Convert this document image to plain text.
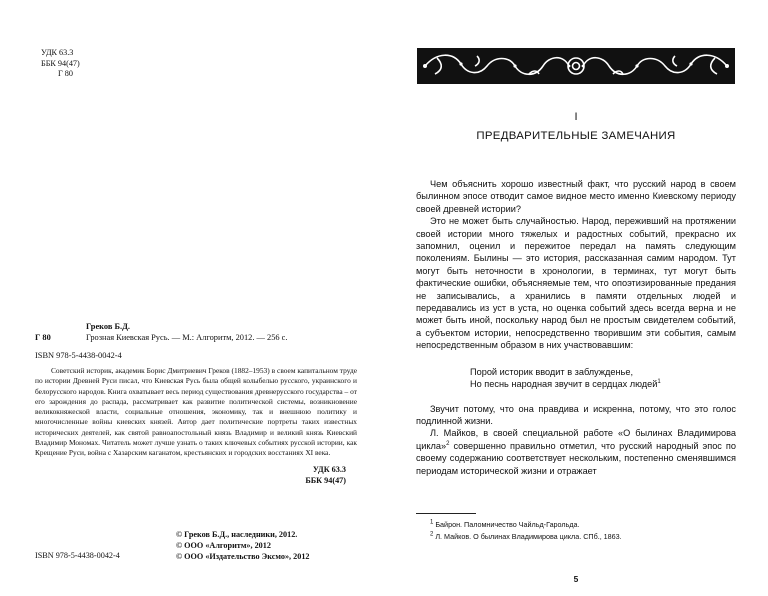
УДК 63.3
ББК 94(47)
Г 80
Греков Б.Д.
Г 80	Грозная Киевская Русь. — М.: Алгоритм, 2012. — 256 с.
ISBN 978-5-4438-0042-4
Советский историк, академик Борис Дмитриевич Греков (1882–1953) в своем капитальном труде по истории Древней Руси писал, что Киевская Русь была общей колыбелью русского, украинского и белорусского народов. Книга охватывает весь период существования древнерусского государства – от его зарождения до распада, рассматривает как развитие политической системы, возникновение великокняжеской власти, социальные отношения, экономику, так и внешнюю политику и многочисленные войны киевских князей. Автор дает политические портреты таких известных исторических деятелей, как святой равноапостольный князь Владимир и великий князь Киевский Владимир Мономах. Читатель может лучше узнать о таких ключевых событиях русской истории, как Крещение Руси, война с Хазарским каганатом, крестьянских и городских восстаниях XI века.
УДК 63.3
ББК 94(47)
© Греков Б.Д., наследники, 2012.
© ООО «Алгоритм», 2012
© ООО «Издательство Эксмо», 2012
ISBN 978-5-4438-0042-4
I
ПРЕДВАРИТЕЛЬНЫЕ ЗАМЕЧАНИЯ

Чем объяснить хорошо известный факт, что русский народ в своем былинном эпосе отводит самое видное место именно Киевскому периоду своей древней истории?

Это не может быть случайностью. Народ, переживший на протяжении своей истории много тяжелых и радостных событий, прекрасно их запомнил, оценил и пережитое передал на память следующим поколениям. Былины — это история, рассказанная самим народом. Тут могут быть неточности в хронологии, в терминах, тут могут быть фактические ошибки, объясняемые тем, что опоэтизированные предания не записывались, а хранились в памяти отдельных людей и передавались из уст в уста, но оценка событий здесь всегда верна и не может быть иной, поскольку народ был не простым свидетелем событий, а субъектом истории, непосредственно творившим эти события, самым непосредственным образом в них участвовавшим:

Порой историк вводит в заблужденье,
Но песнь народная звучит в сердцах людей$^1$

Звучит потому, что она правдива и искренна, потому, что это голос подлинной жизни.

Л. Майков, в своей специальной работе «О былинах Владимирова цикла»$^2$ совершенно правильно отметил, что русский народный эпос по своему содержанию соответствует нескольким, постепенно сменявшимся периодам исторической жизни и отражает

$^1$ Байрон. Паломничество Чайльд-Гарольда.
$^2$ Л. Майков. О былинах Владимирова цикла. СПб., 1863.
5
